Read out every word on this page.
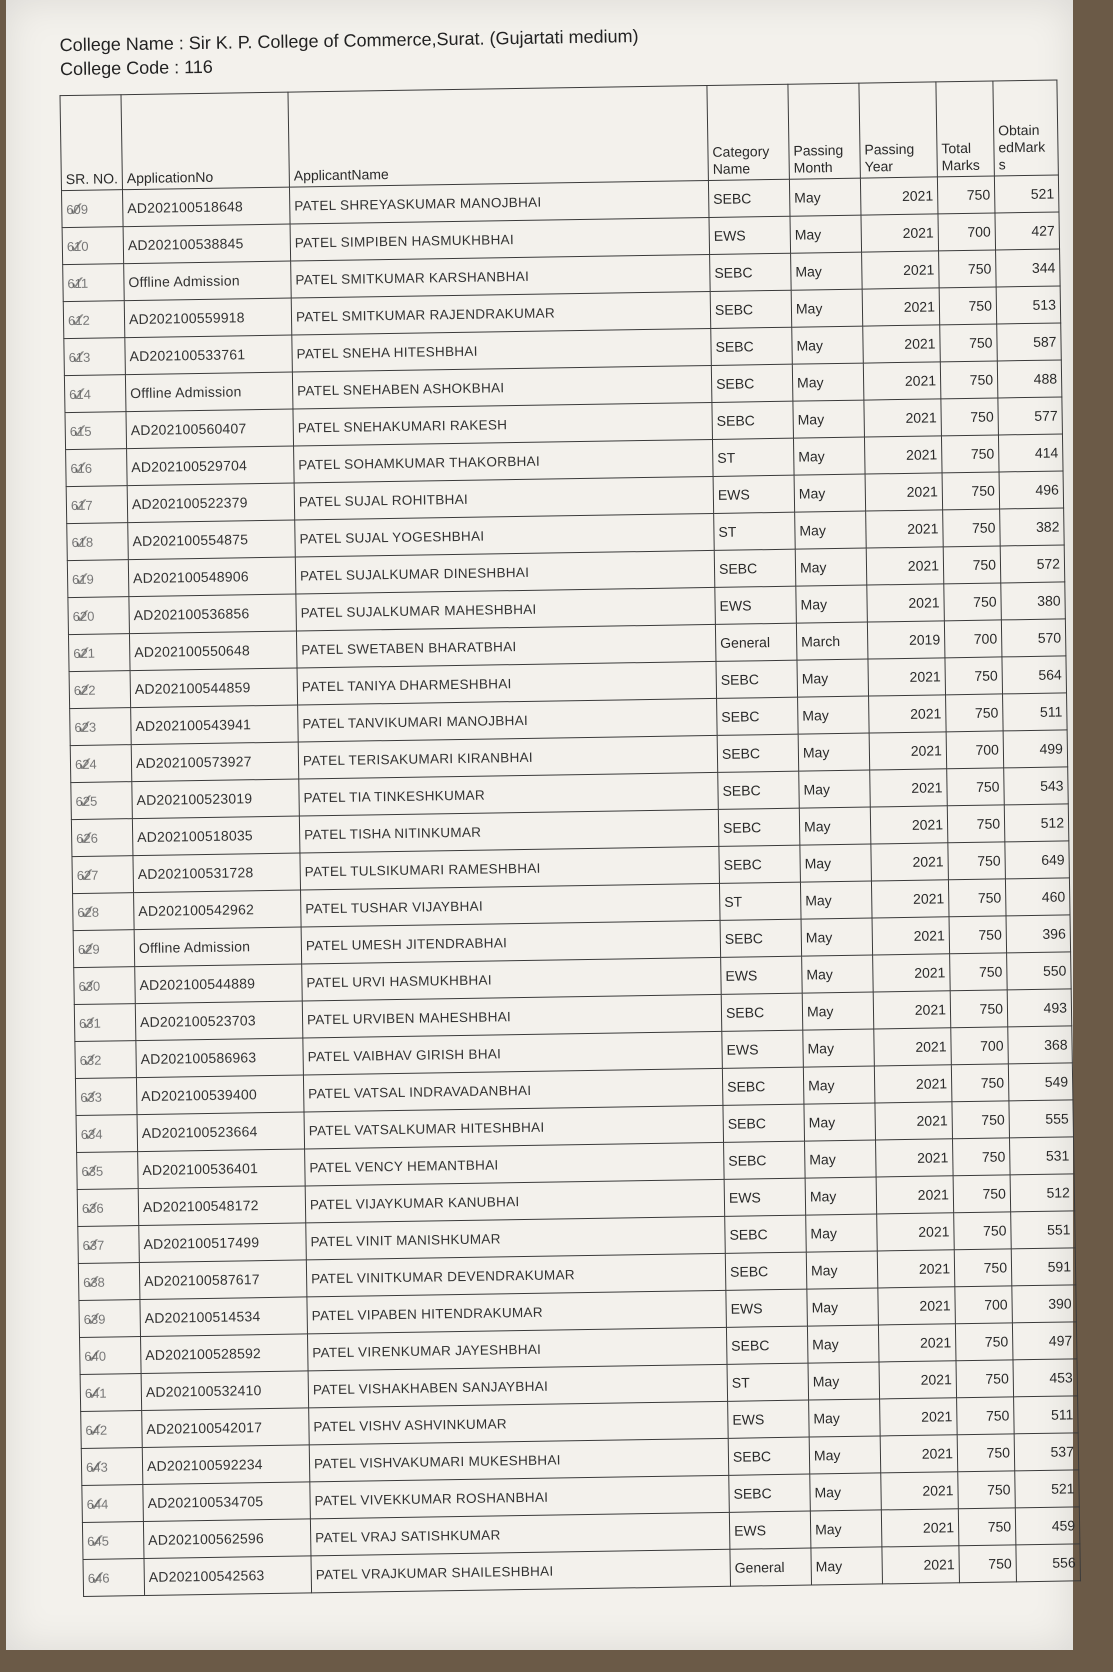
College Name : Sir K. P. College of Commerce,Surat. (Gujartati medium)
College Code : 116
SR. NO.	ApplicationNo	ApplicantName	Category Name	Passing Month	Passing Year	Total Marks	Obtain edMark s
✓ 609	AD202100518648	PATEL SHREYASKUMAR MANOJBHAI	SEBC	May	2021	750	521
✓ 610	AD202100538845	PATEL SIMPIBEN HASMUKHBHAI	EWS	May	2021	700	427
✓ 611	Offline Admission	PATEL SMITKUMAR KARSHANBHAI	SEBC	May	2021	750	344
✓ 612	AD202100559918	PATEL SMITKUMAR RAJENDRAKUMAR	SEBC	May	2021	750	513
✓ 613	AD202100533761	PATEL SNEHA HITESHBHAI	SEBC	May	2021	750	587
✓ 614	Offline Admission	PATEL SNEHABEN ASHOKBHAI	SEBC	May	2021	750	488
✓ 615	AD202100560407	PATEL SNEHAKUMARI RAKESH	SEBC	May	2021	750	577
✓ 616	AD202100529704	PATEL SOHAMKUMAR THAKORBHAI	ST	May	2021	750	414
✓ 617	AD202100522379	PATEL SUJAL ROHITBHAI	EWS	May	2021	750	496
✓ 618	AD202100554875	PATEL SUJAL YOGESHBHAI	ST	May	2021	750	382
✓ 619	AD202100548906	PATEL SUJALKUMAR DINESHBHAI	SEBC	May	2021	750	572
✓ 620	AD202100536856	PATEL SUJALKUMAR MAHESHBHAI	EWS	May	2021	750	380
✓ 621	AD202100550648	PATEL SWETABEN BHARATBHAI	General	March	2019	700	570
✓ 622	AD202100544859	PATEL TANIYA DHARMESHBHAI	SEBC	May	2021	750	564
✓ 623	AD202100543941	PATEL TANVIKUMARI MANOJBHAI	SEBC	May	2021	750	511
✓ 624	AD202100573927	PATEL TERISAKUMARI KIRANBHAI	SEBC	May	2021	700	499
✓ 625	AD202100523019	PATEL TIA TINKESHKUMAR	SEBC	May	2021	750	543
✓ 626	AD202100518035	PATEL TISHA NITINKUMAR	SEBC	May	2021	750	512
✓ 627	AD202100531728	PATEL TULSIKUMARI RAMESHBHAI	SEBC	May	2021	750	649
✓ 628	AD202100542962	PATEL TUSHAR VIJAYBHAI	ST	May	2021	750	460
✓ 629	Offline Admission	PATEL UMESH JITENDRABHAI	SEBC	May	2021	750	396
✓ 630	AD202100544889	PATEL URVI HASMUKHBHAI	EWS	May	2021	750	550
✓ 631	AD202100523703	PATEL URVIBEN MAHESHBHAI	SEBC	May	2021	750	493
✓ 632	AD202100586963	PATEL VAIBHAV GIRISH BHAI	EWS	May	2021	700	368
✓ 633	AD202100539400	PATEL VATSAL INDRAVADANBHAI	SEBC	May	2021	750	549
✓ 634	AD202100523664	PATEL VATSALKUMAR HITESHBHAI	SEBC	May	2021	750	555
✓ 635	AD202100536401	PATEL VENCY HEMANTBHAI	SEBC	May	2021	750	531
✓ 636	AD202100548172	PATEL VIJAYKUMAR KANUBHAI	EWS	May	2021	750	512
✓ 637	AD202100517499	PATEL VINIT MANISHKUMAR	SEBC	May	2021	750	551
✓ 638	AD202100587617	PATEL VINITKUMAR DEVENDRAKUMAR	SEBC	May	2021	750	591
✓ 639	AD202100514534	PATEL VIPABEN HITENDRAKUMAR	EWS	May	2021	700	390
✓ 640	AD202100528592	PATEL VIRENKUMAR JAYESHBHAI	SEBC	May	2021	750	497
✓ 641	AD202100532410	PATEL VISHAKHABEN SANJAYBHAI	ST	May	2021	750	453
✓ 642	AD202100542017	PATEL VISHV ASHVINKUMAR	EWS	May	2021	750	511
✓ 643	AD202100592234	PATEL VISHVAKUMARI MUKESHBHAI	SEBC	May	2021	750	537
✓ 644	AD202100534705	PATEL VIVEKKUMAR ROSHANBHAI	SEBC	May	2021	750	521
✓ 645	AD202100562596	PATEL VRAJ SATISHKUMAR	EWS	May	2021	750	459
✓ 646	AD202100542563	PATEL VRAJKUMAR SHAILESHBHAI	General	May	2021	750	556
